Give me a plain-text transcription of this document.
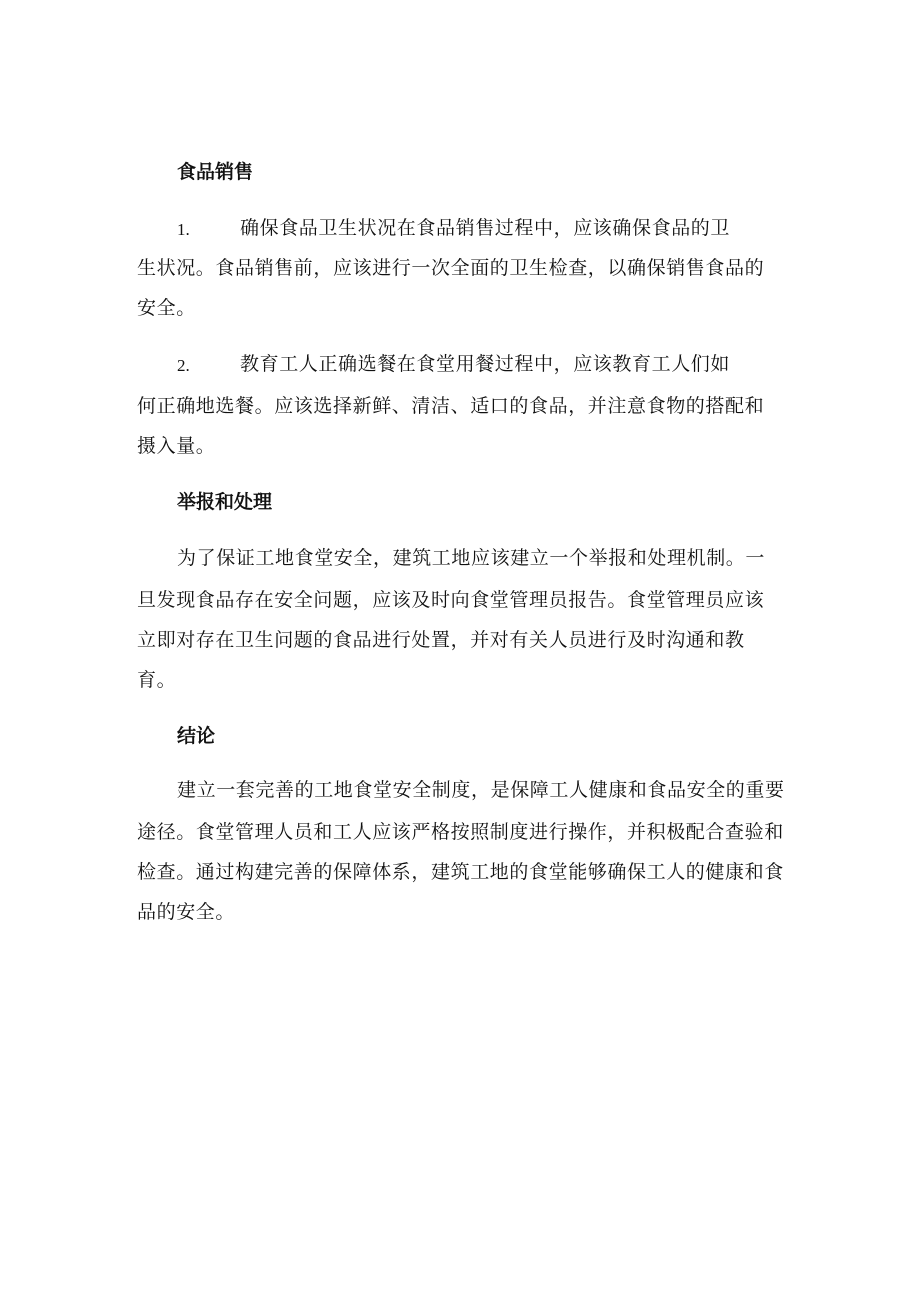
食品销售
1.	确保食品卫生状况在食品销售过程中，应该确保食品的卫
生状况。食品销售前，应该进行一次全面的卫生检查，以确保销售食品的
安全。
2.	教育工人正确选餐在食堂用餐过程中，应该教育工人们如
何正确地选餐。应该选择新鲜、清洁、适口的食品，并注意食物的搭配和
摄入量。
举报和处理
为了保证工地食堂安全，建筑工地应该建立一个举报和处理机制。一
旦发现食品存在安全问题，应该及时向食堂管理员报告。食堂管理员应该
立即对存在卫生问题的食品进行处置，并对有关人员进行及时沟通和教
育。
结论
建立一套完善的工地食堂安全制度，是保障工人健康和食品安全的重要
途径。食堂管理人员和工人应该严格按照制度进行操作，并积极配合查验和
检查。通过构建完善的保障体系，建筑工地的食堂能够确保工人的健康和食
品的安全。
